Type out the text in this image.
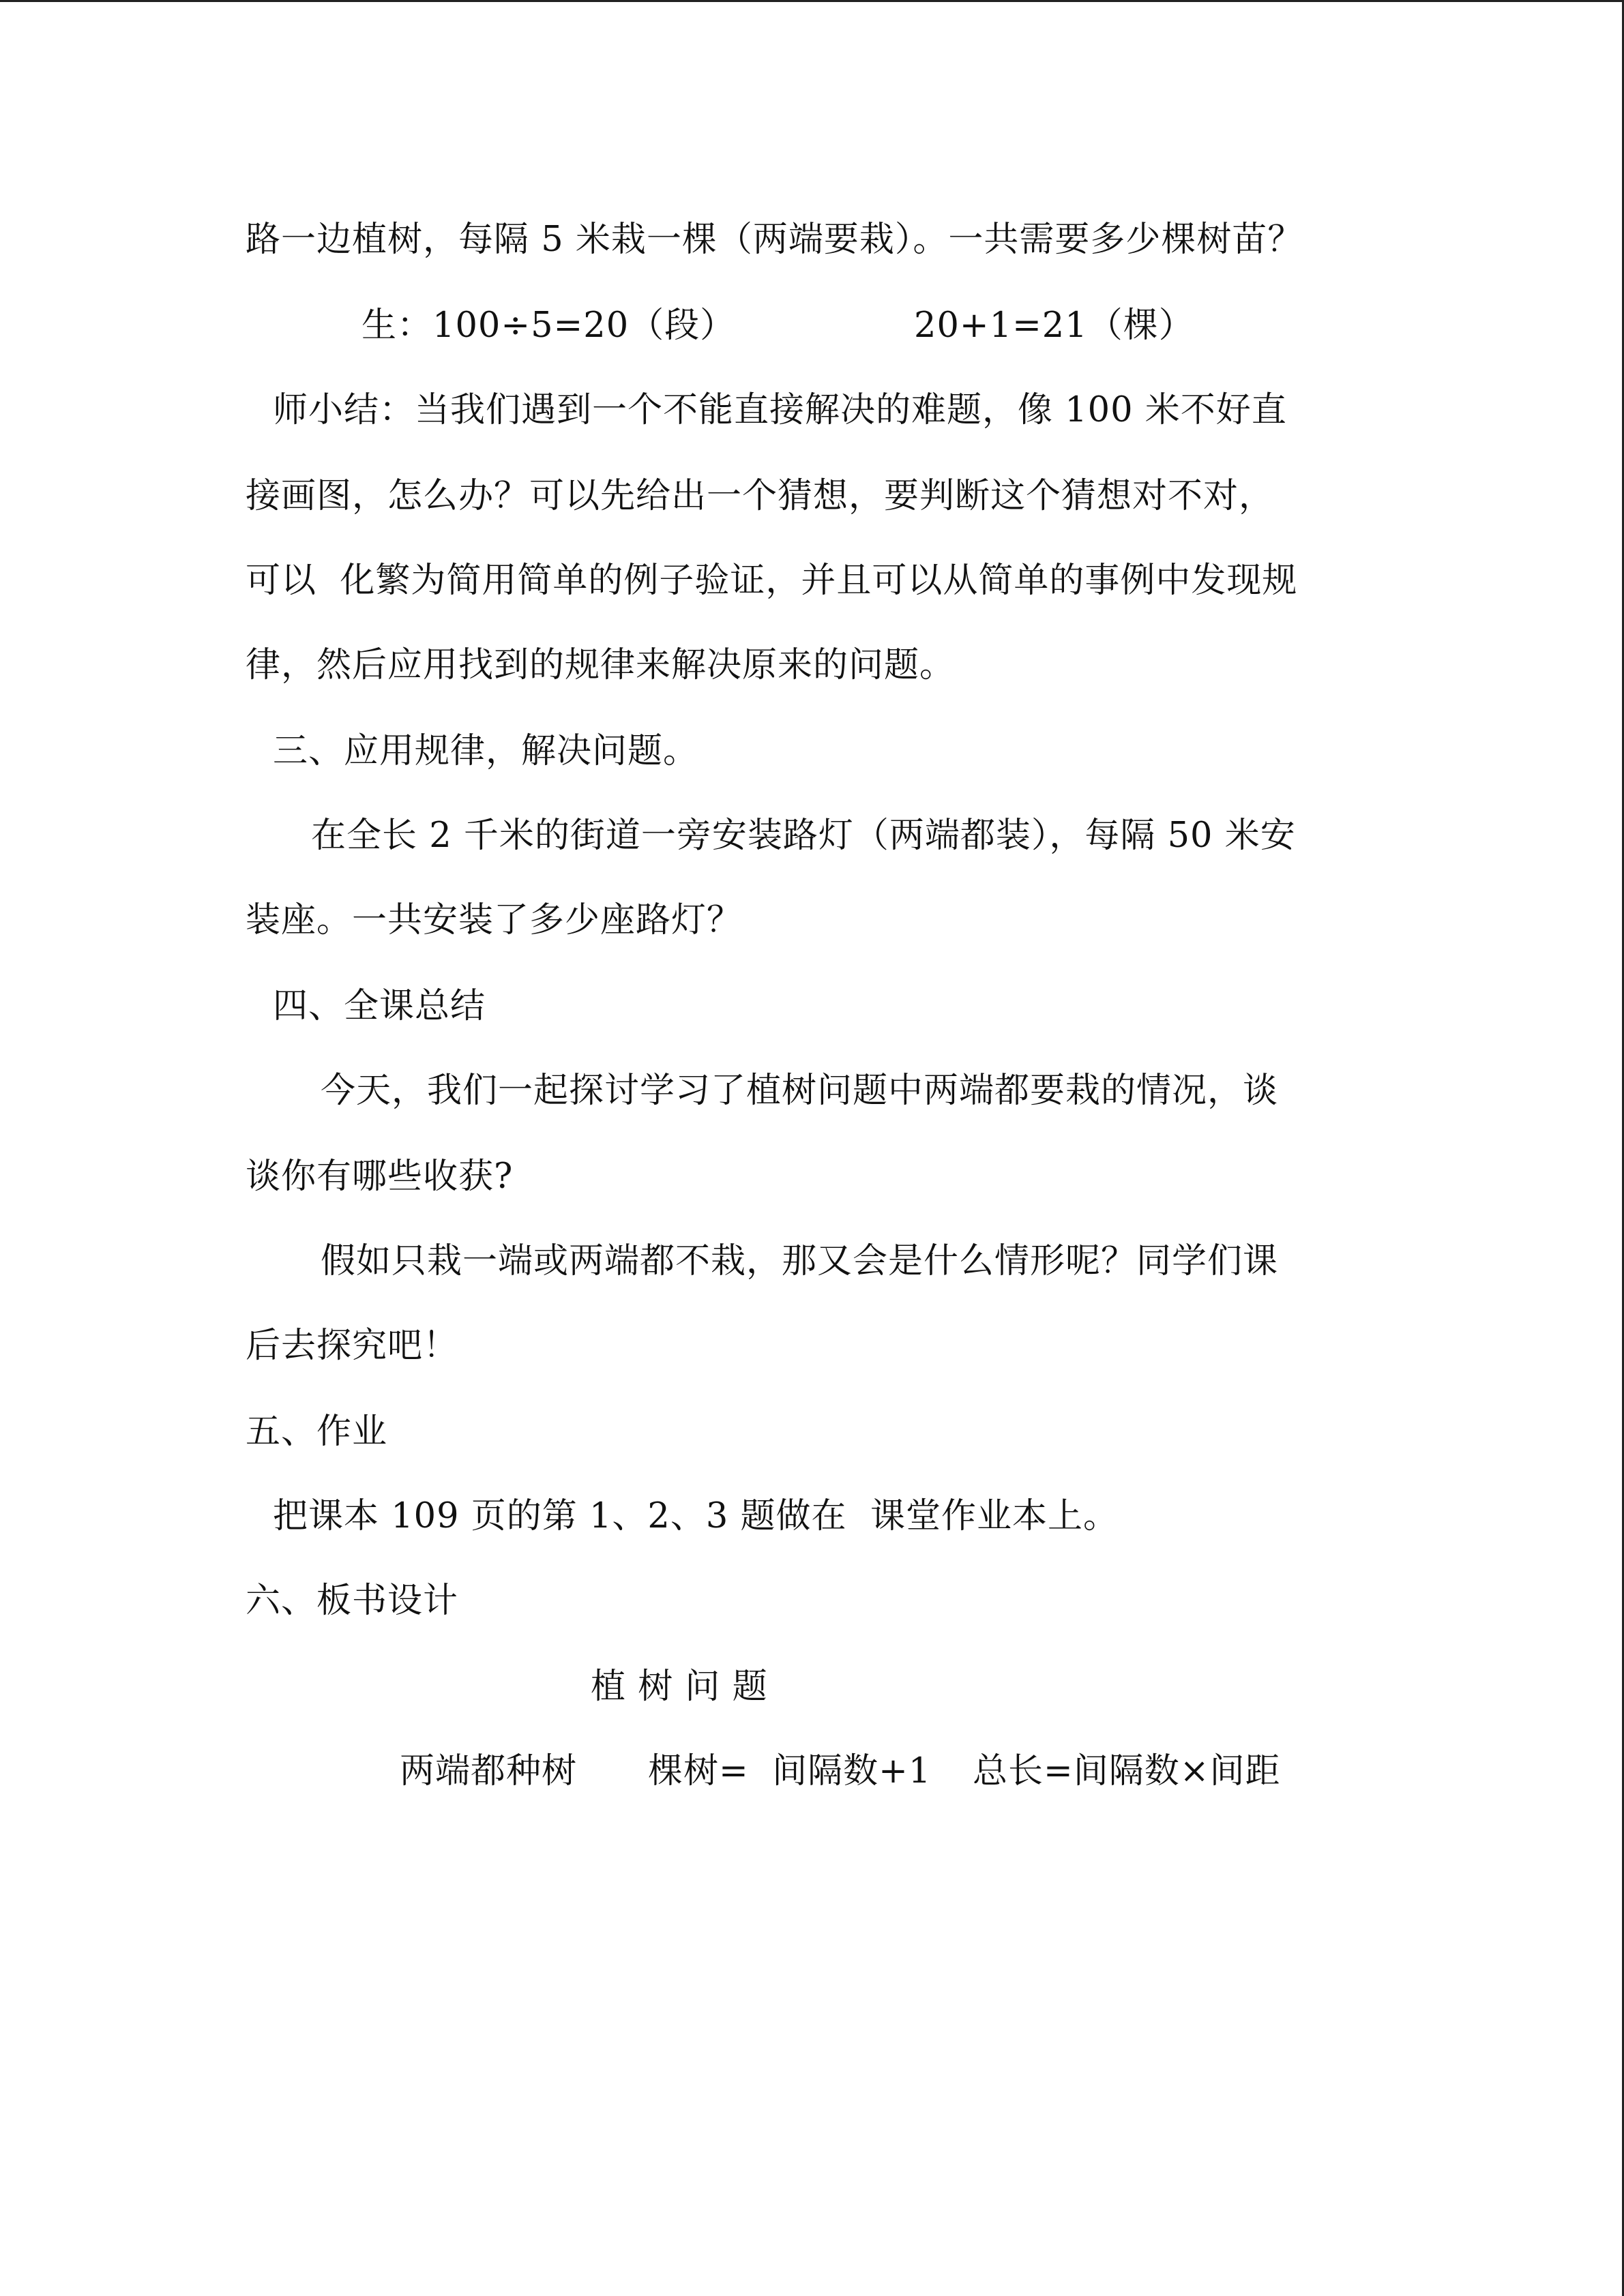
路一边植树，每隔 5 米栽一棵（两端要栽）。一共需要多少棵树苗？
生：100÷5=20（段）	20+1=21（棵）
师小结：当我们遇到一个不能直接解决的难题，像 100 米不好直
接画图，怎么办？可以先给出一个猜想，要判断这个猜想对不对，
可以  化繁为简用简单的例子验证，并且可以从简单的事例中发现规
律，然后应用找到的规律来解决原来的问题。
三、应用规律，解决问题。
在全长 2 千米的街道一旁安装路灯（两端都装），每隔 50 米安
装座。一共安装了多少座路灯？
四、全课总结
今天，我们一起探讨学习了植树问题中两端都要栽的情况，谈
谈你有哪些收获?
假如只栽一端或两端都不栽，那又会是什么情形呢？同学们课
后去探究吧！
五、作业
把课本 109 页的第 1、2、3 题做在  课堂作业本上。
六、板书设计
植 树 问 题
两端都种树 棵树=  间隔数+1 总长=间隔数×间距
